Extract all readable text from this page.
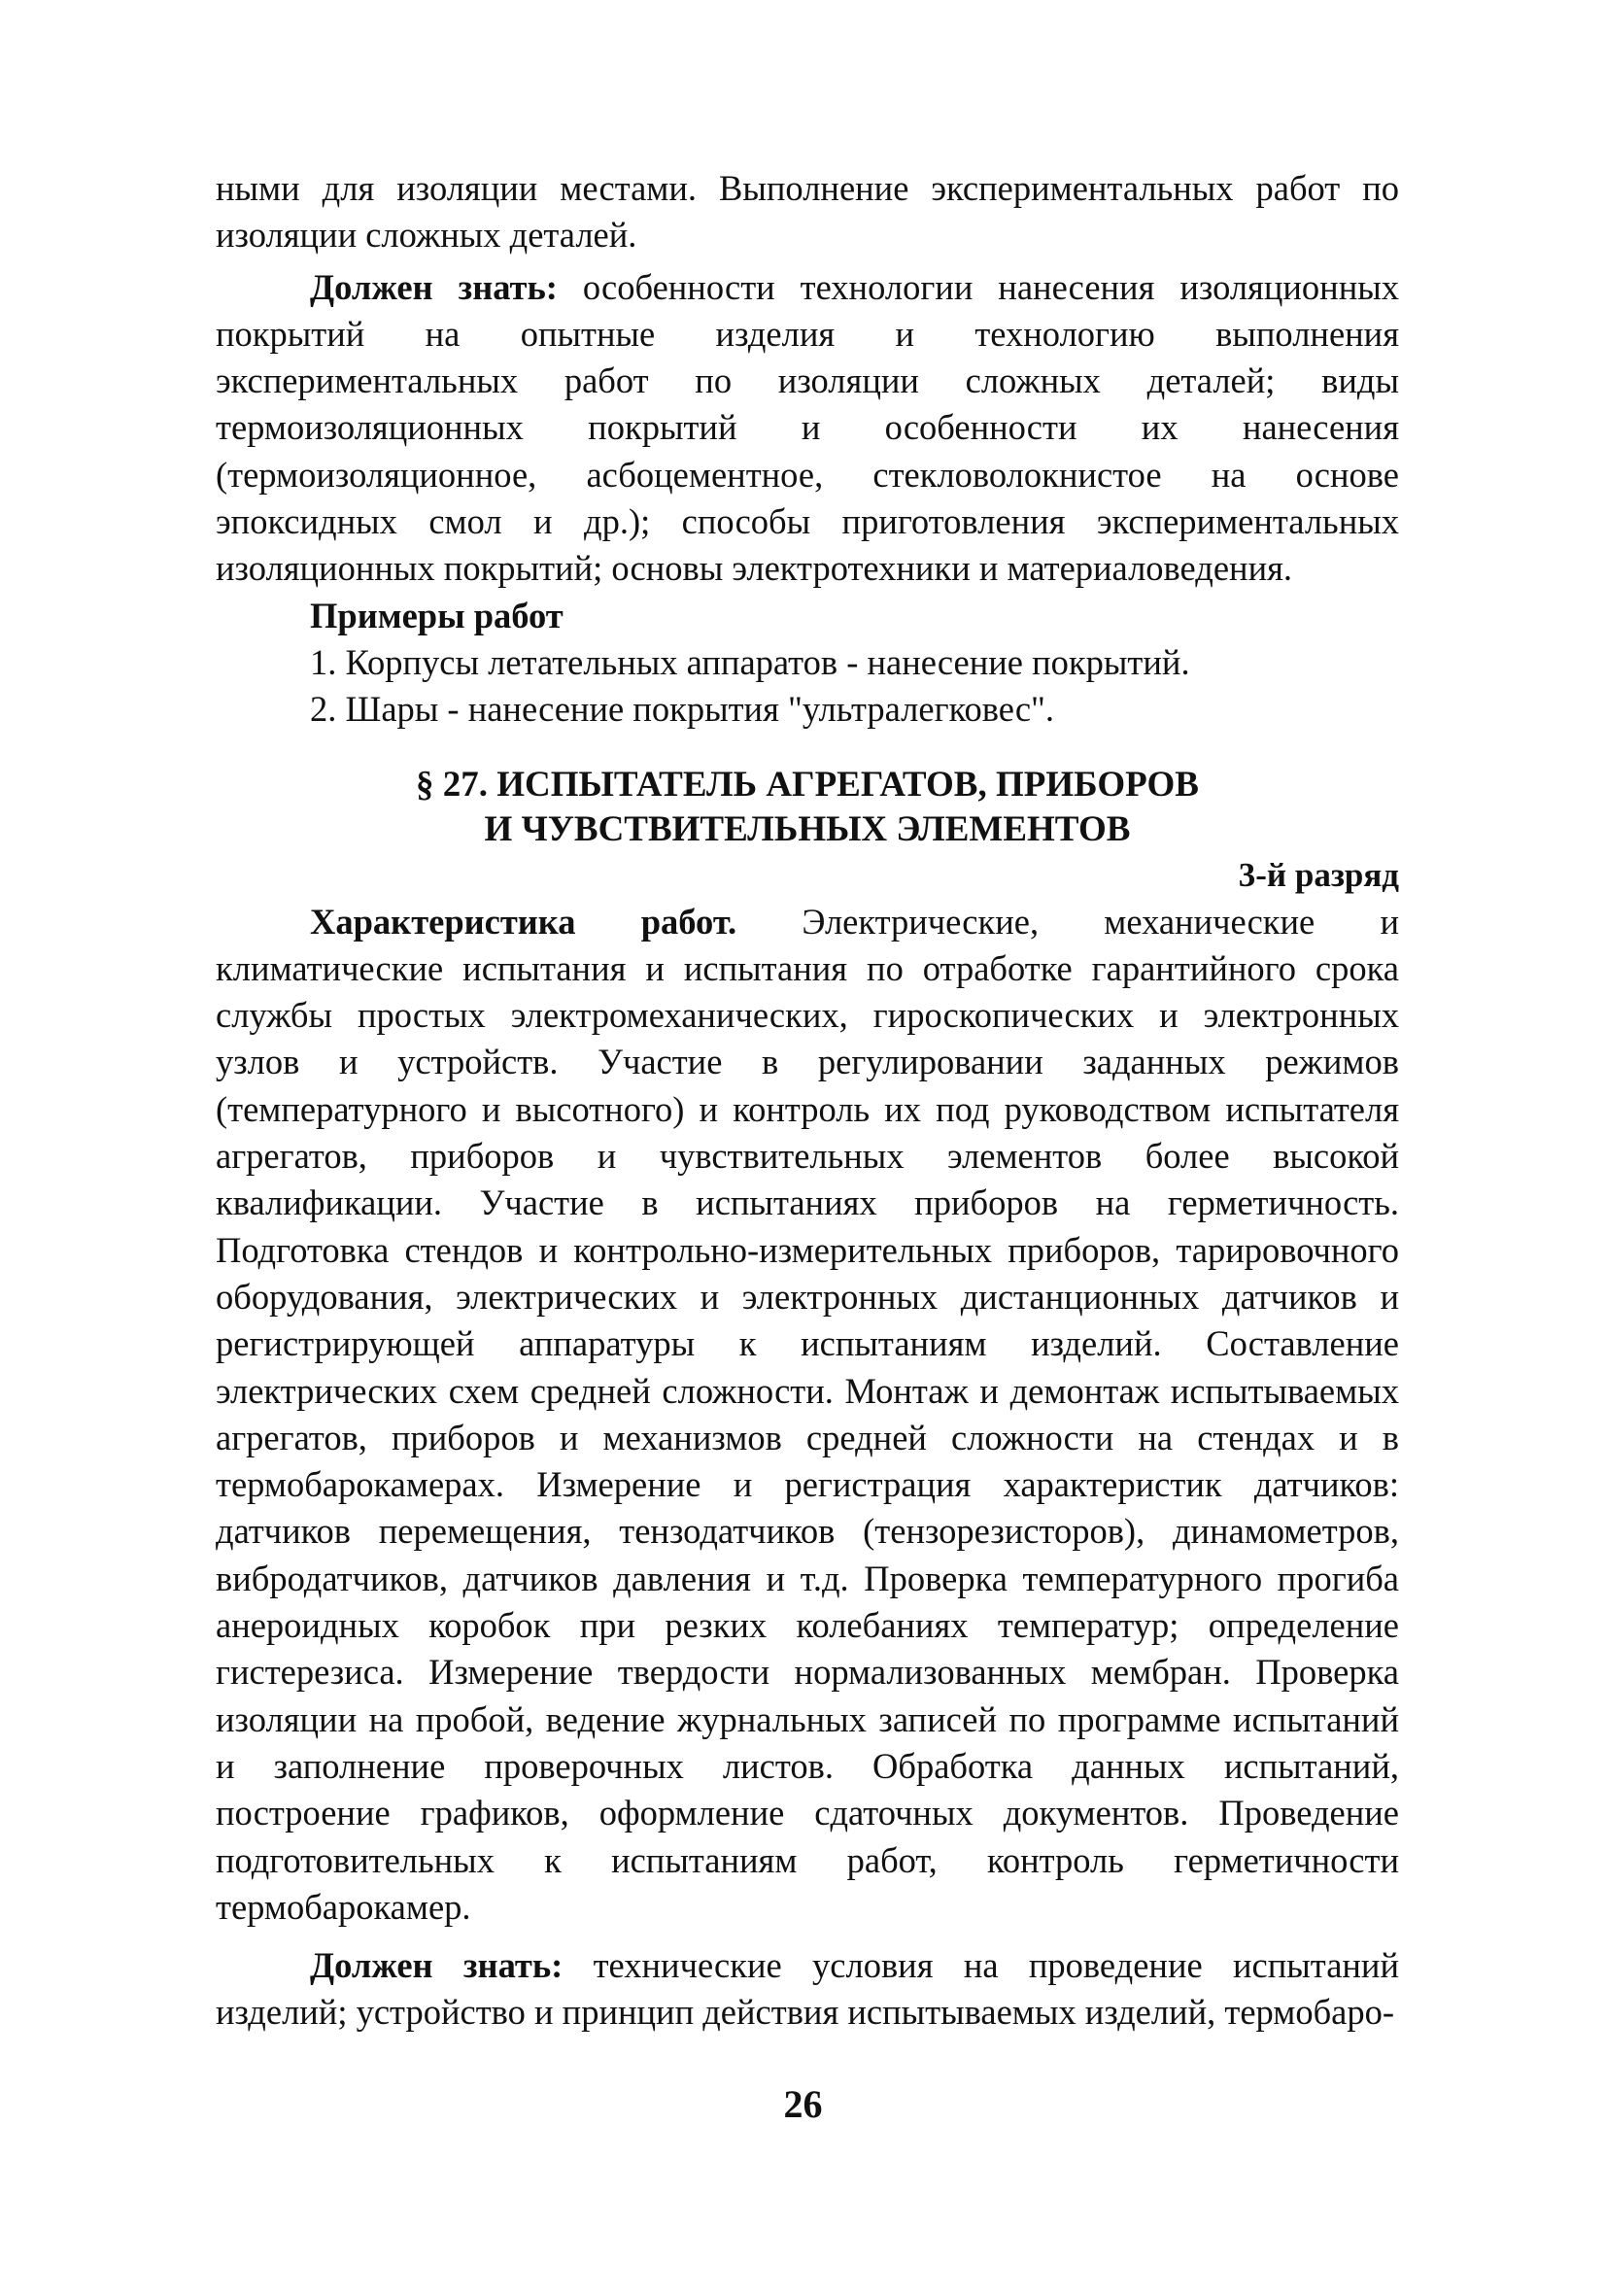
ными для изоляции местами. Выполнение экспериментальных работ по изоляции сложных деталей.

Должен знать: особенности технологии нанесения изоляционных покрытий на опытные изделия и технологию выполнения экспериментальных работ по изоляции сложных деталей; виды термоизоляционных покрытий и особенности их нанесения (термоизоляционное, асбоцементное, стекловолокнистое на основе эпоксидных смол и др.); способы приготовления экспериментальных изоляционных покрытий; основы электротехники и материаловедения.

Примеры работ

1. Корпусы летательных аппаратов - нанесение покрытий.

2. Шары - нанесение покрытия "ультралегковес".

§ 27. ИСПЫТАТЕЛЬ АГРЕГАТОВ, ПРИБОРОВ
И ЧУВСТВИТЕЛЬНЫХ ЭЛЕМЕНТОВ

3-й разряд

Характеристика работ. Электрические, механические и климатические испытания и испытания по отработке гарантийного срока службы простых электромеханических, гироскопических и электронных узлов и устройств. Участие в регулировании заданных режимов (температурного и высотного) и контроль их под руководством испытателя агрегатов, приборов и чувствительных элементов более высокой квалификации. Участие в испытаниях приборов на герметичность. Подготовка стендов и контрольно-измерительных приборов, тарировочного оборудования, электрических и электронных дистанционных датчиков и регистрирующей аппаратуры к испытаниям изделий. Составление электрических схем средней сложности. Монтаж и демонтаж испытываемых агрегатов, приборов и механизмов средней сложности на стендах и в термобарокамерах. Измерение и регистрация характеристик датчиков: датчиков перемещения, тензодатчиков (тензорезисторов), динамометров, вибродатчиков, датчиков давления и т.д. Проверка температурного прогиба анероидных коробок при резких колебаниях температур; определение гистерезиса. Измерение твердости нормализованных мембран. Проверка изоляции на пробой, ведение журнальных записей по программе испытаний и заполнение проверочных листов. Обработка данных испытаний, построение графиков, оформление сдаточных документов. Проведение подготовительных к испытаниям работ, контроль герметичности термобарокамер.

Должен знать: технические условия на проведение испытаний изделий; устройство и принцип действия испытываемых изделий, термобаро-

26
